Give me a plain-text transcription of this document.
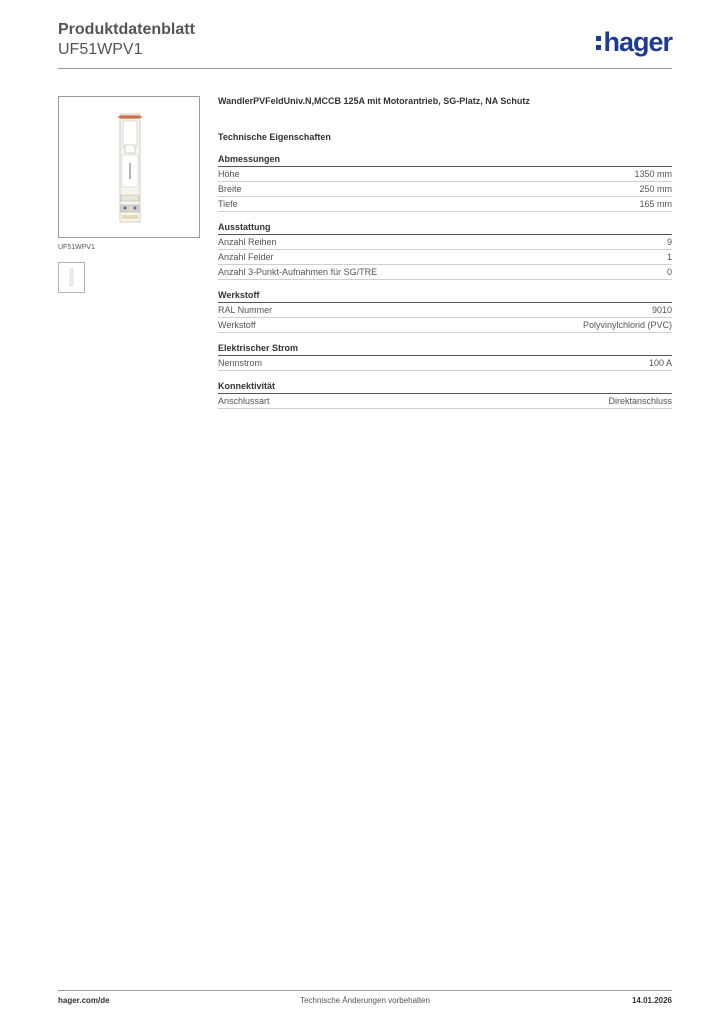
Produktdatenblatt
UF51WPV1	hager
UF51WPV1
WandlerPVFeldUniv.N,MCCB 125A mit Motorantrieb, SG-Platz, NA Schutz
Technische Eigenschaften
Abmessungen
Höhe	1350 mm
Breite	250 mm
Tiefe	165 mm
Ausstattung
Anzahl Reihen	9
Anzahl Felder	1
Anzahl 3-Punkt-Aufnahmen für SG/TRE	0
Werkstoff
RAL Nummer	9010
Werkstoff	Polyvinylchlorid (PVC)
Elektrischer Strom
Nennstrom	100 A
Konnektivität
Anschlussart	Direktanschluss
hager.com/de	Technische Änderungen vorbehalten	14.01.2026
